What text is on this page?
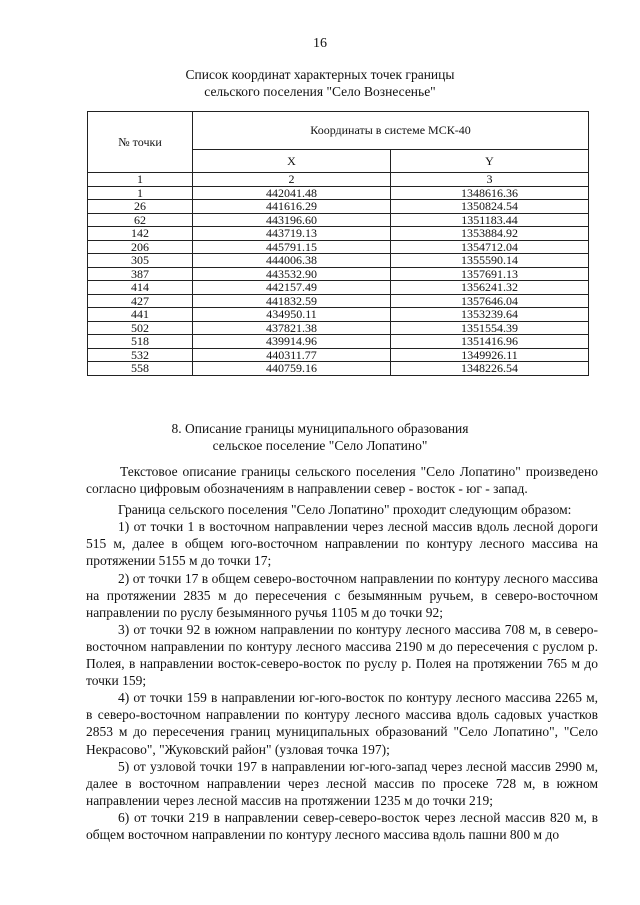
16
Список координат характерных точек границы
сельского поселения "Село Вознесенье"
№ точки	Координаты в системе МСК-40	
	X	Y
1	2	3
1	442041.48	1348616.36
26	441616.29	1350824.54
62	443196.60	1351183.44
142	443719.13	1353884.92
206	445791.15	1354712.04
305	444006.38	1355590.14
387	443532.90	1357691.13
414	442157.49	1356241.32
427	441832.59	1357646.04
441	434950.11	1353239.64
502	437821.38	1351554.39
518	439914.96	1351416.96
532	440311.77	1349926.11
558	440759.16	1348226.54
8. Описание границы муниципального образования
сельское поселение "Село Лопатино"

Текстовое описание границы сельского поселения "Село Лопатино" произведено согласно цифровым обозначениям в направлении север - восток - юг - запад.

Граница сельского поселения "Село Лопатино" проходит следующим образом:

1) от точки 1 в восточном направлении через лесной массив вдоль лесной дороги 515 м, далее в общем юго-восточном направлении по контуру лесного массива на протяжении 5155 м до точки 17;

2) от точки 17 в общем северо-восточном направлении по контуру лесного массива на протяжении 2835 м до пересечения с безымянным ручьем, в северо-восточном направлении по руслу безымянного ручья 1105 м до точки 92;

3) от точки 92 в южном направлении по контуру лесного массива 708 м, в северо-восточном направлении по контуру лесного массива 2190 м до пересечения с руслом р. Полея, в направлении восток-северо-восток по руслу р. Полея на протяжении 765 м до точки 159;

4) от точки 159 в направлении юг-юго-восток по контуру лесного массива 2265 м, в северо-восточном направлении по контуру лесного массива вдоль садовых участков 2853 м до пересечения границ муниципальных образований "Село Лопатино", "Село Некрасово", "Жуковский район" (узловая точка 197);

5) от узловой точки 197 в направлении юг-юго-запад через лесной массив 2990 м, далее в восточном направлении через лесной массив по просеке 728 м, в южном направлении через лесной массив на протяжении 1235 м до точки 219;

6) от точки 219 в направлении север-северо-восток через лесной массив 820 м, в общем восточном направлении по контуру лесного массива вдоль пашни 800 м до
